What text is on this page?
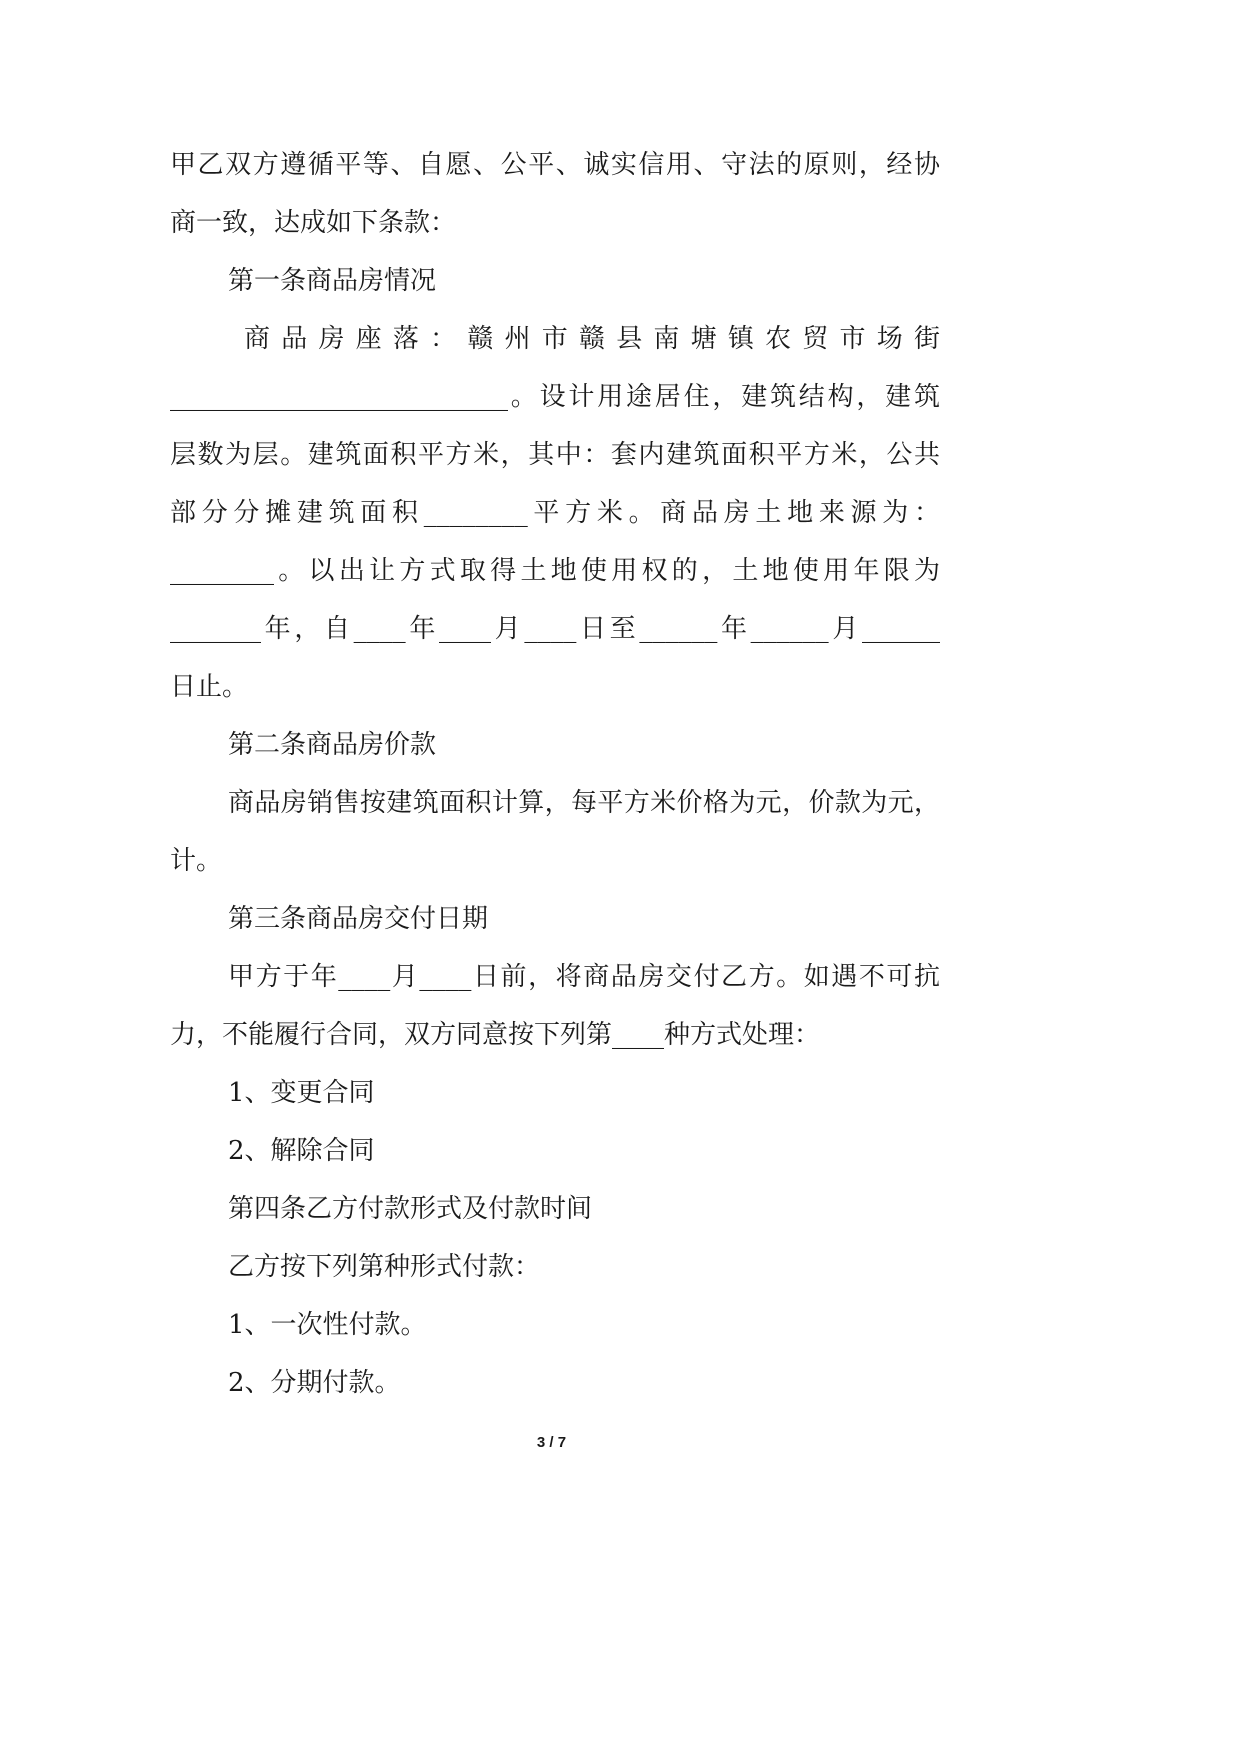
甲乙双方遵循平等、自愿、公平、诚实信用、守法的原则，经协
商一致，达成如下条款：
第一条商品房情况
商品房座落：赣州市赣县南塘镇农贸市场街
__________________________。设计用途居住，建筑结构，建筑
层数为层。建筑面积平方米，其中：套内建筑面积平方米，公共
部分分摊建筑面积________平方米。商品房土地来源为：
________。以出让方式取得土地使用权的，土地使用年限为
_______年，自____年____月____日至______年______月______
日止。
第二条商品房价款
商品房销售按建筑面积计算，每平方米价格为元，价款为元，
计。
第三条商品房交付日期
甲方于年____月____日前，将商品房交付乙方。如遇不可抗
力，不能履行合同，双方同意按下列第____种方式处理：
1、变更合同
2、解除合同
第四条乙方付款形式及付款时间
乙方按下列第种形式付款：
1、一次性付款。
2、分期付款。
3 / 7
